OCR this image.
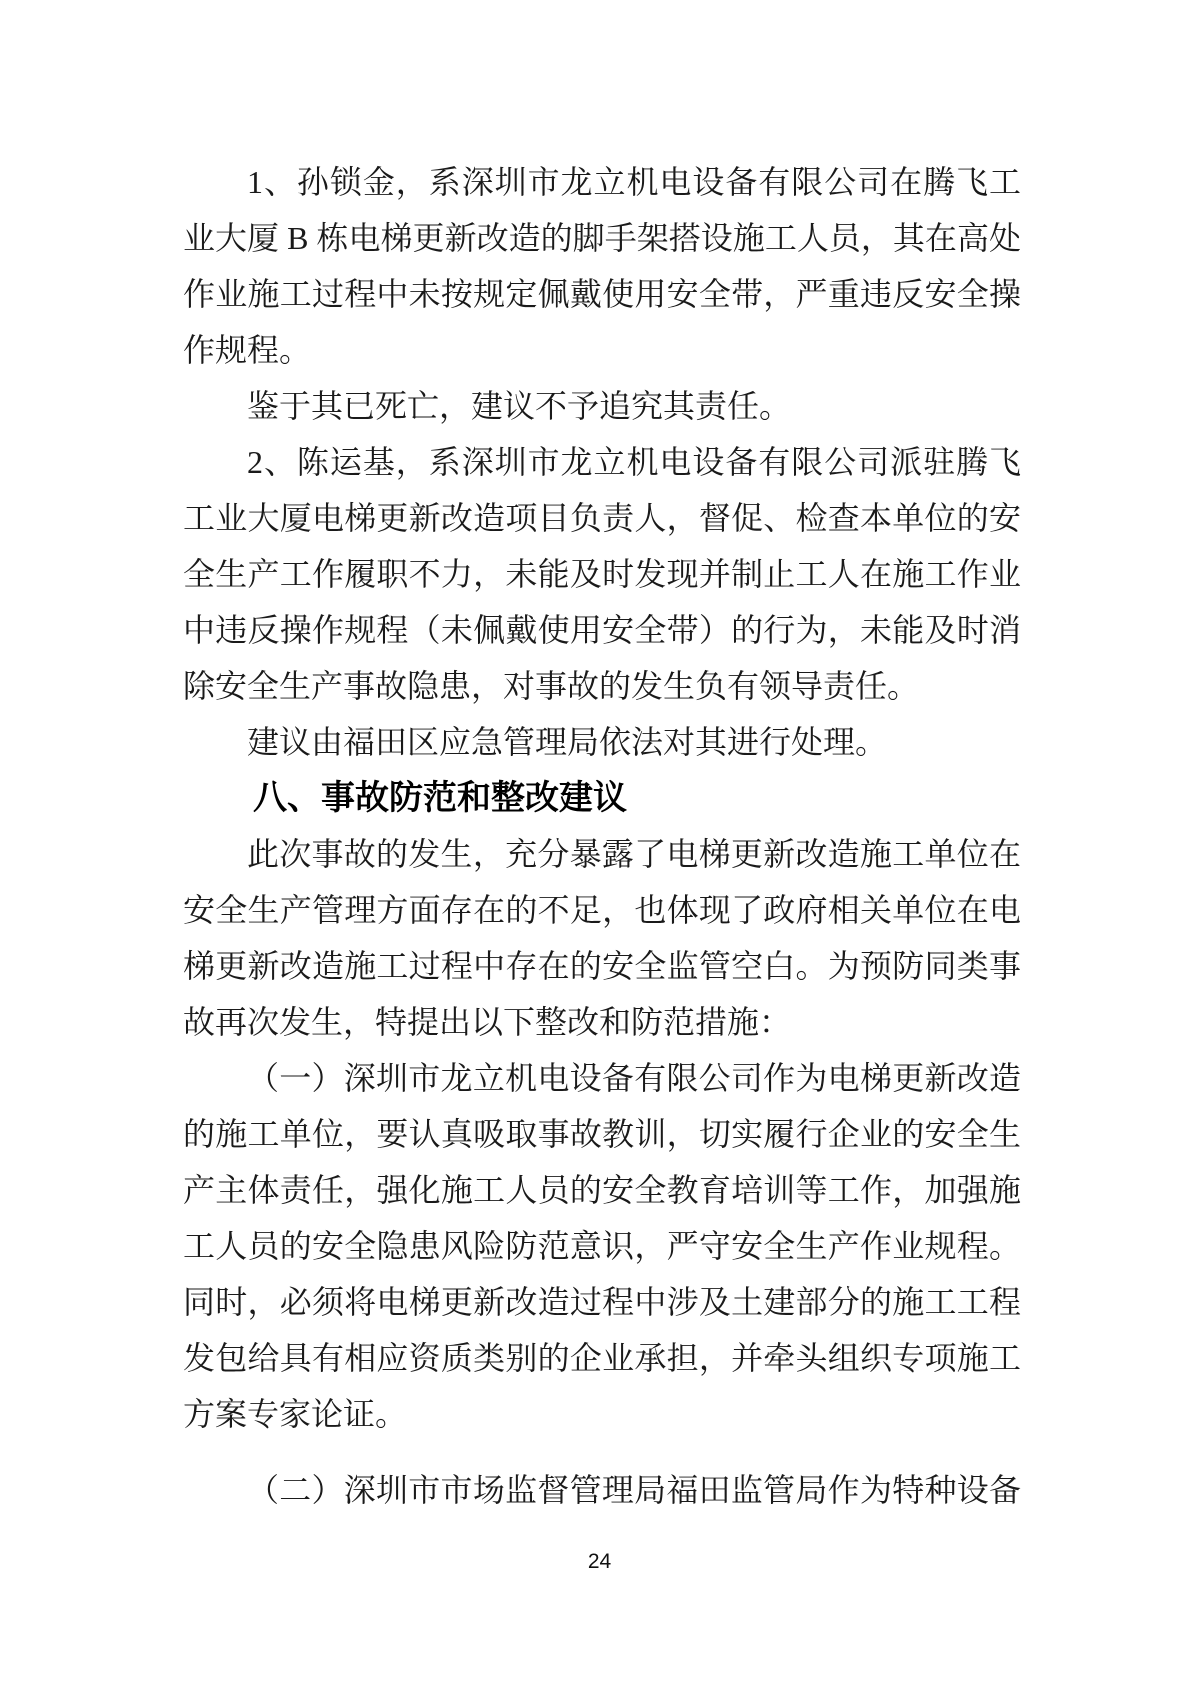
1、孙锁金，系深圳市龙立机电设备有限公司在腾飞工
业大厦 B 栋电梯更新改造的脚手架搭设施工人员，其在高处
作业施工过程中未按规定佩戴使用安全带，严重违反安全操
作规程。
鉴于其已死亡，建议不予追究其责任。
2、陈运基，系深圳市龙立机电设备有限公司派驻腾飞
工业大厦电梯更新改造项目负责人，督促、检查本单位的安
全生产工作履职不力，未能及时发现并制止工人在施工作业
中违反操作规程（未佩戴使用安全带）的行为，未能及时消
除安全生产事故隐患，对事故的发生负有领导责任。
建议由福田区应急管理局依法对其进行处理。
八、事故防范和整改建议
此次事故的发生，充分暴露了电梯更新改造施工单位在
安全生产管理方面存在的不足，也体现了政府相关单位在电
梯更新改造施工过程中存在的安全监管空白。为预防同类事
故再次发生，特提出以下整改和防范措施：
（一）深圳市龙立机电设备有限公司作为电梯更新改造
的施工单位，要认真吸取事故教训，切实履行企业的安全生
产主体责任，强化施工人员的安全教育培训等工作，加强施
工人员的安全隐患风险防范意识，严守安全生产作业规程。
同时，必须将电梯更新改造过程中涉及土建部分的施工工程
发包给具有相应资质类别的企业承担，并牵头组织专项施工
方案专家论证。
（二）深圳市市场监督管理局福田监管局作为特种设备
24
